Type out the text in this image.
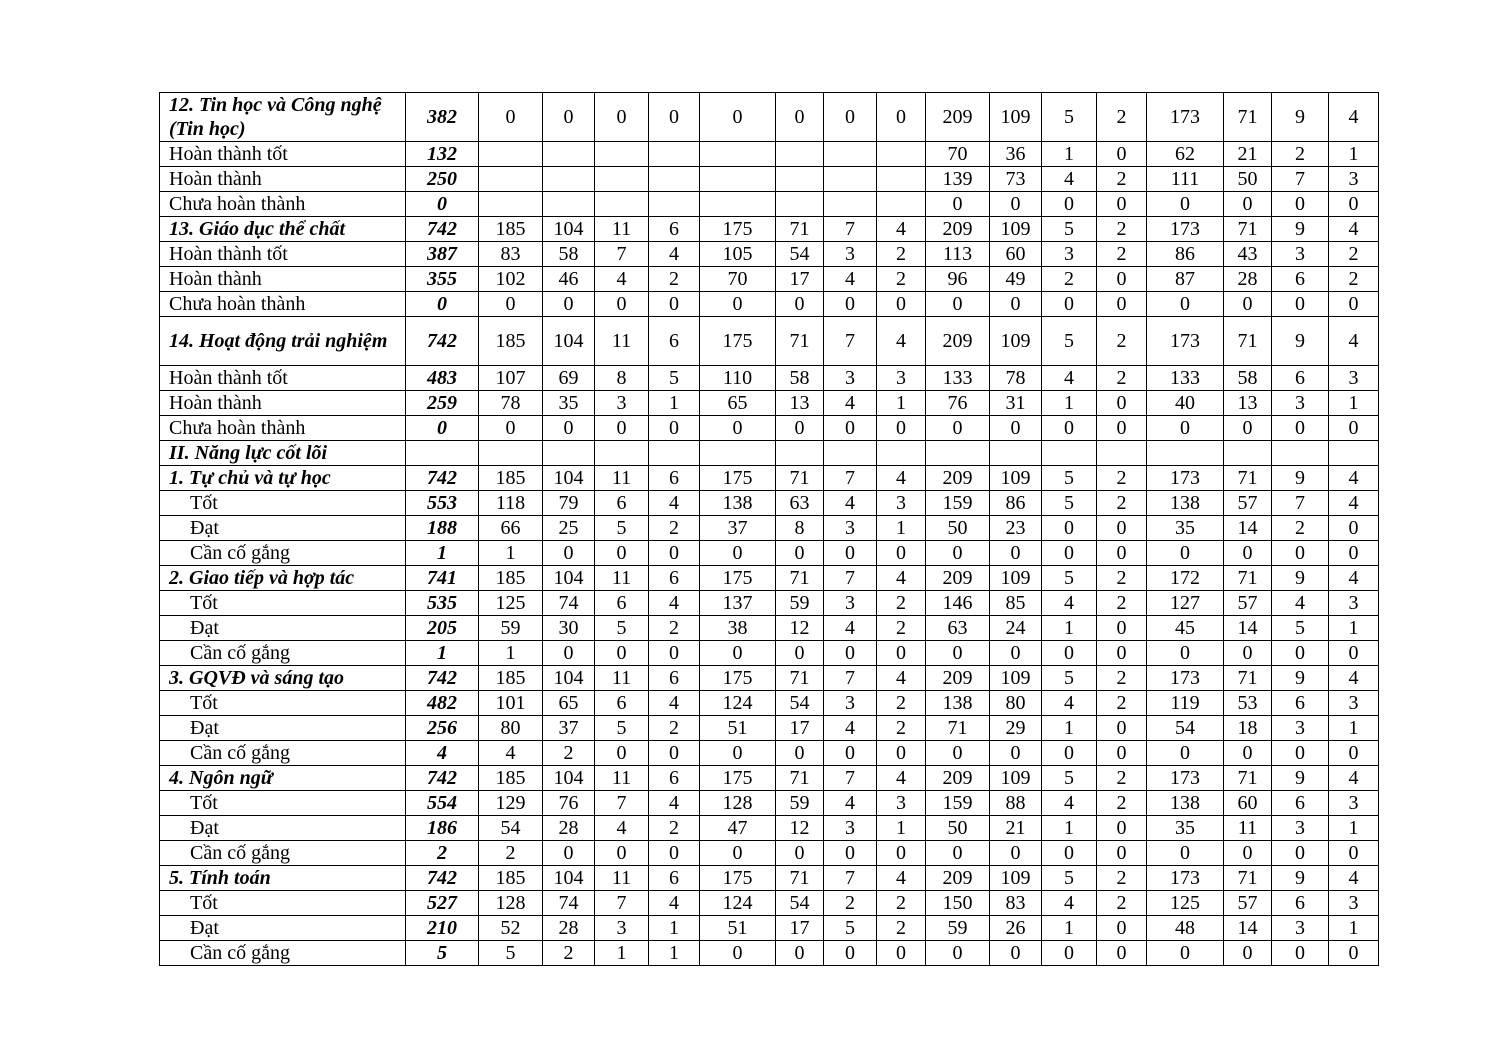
12. Tin học và Công nghệ (Tin học)	382	0	0	0	0	0	0	0	0	209	109	5	2	173	71	9	4
Hoàn thành tốt	132									70	36	1	0	62	21	2	1
Hoàn thành	250									139	73	4	2	111	50	7	3
Chưa hoàn thành	0									0	0	0	0	0	0	0	0
13. Giáo dục thể chất	742	185	104	11	6	175	71	7	4	209	109	5	2	173	71	9	4
Hoàn thành tốt	387	83	58	7	4	105	54	3	2	113	60	3	2	86	43	3	2
Hoàn thành	355	102	46	4	2	70	17	4	2	96	49	2	0	87	28	6	2
Chưa hoàn thành	0	0	0	0	0	0	0	0	0	0	0	0	0	0	0	0	0
14. Hoạt động trải nghiệm	742	185	104	11	6	175	71	7	4	209	109	5	2	173	71	9	4
Hoàn thành tốt	483	107	69	8	5	110	58	3	3	133	78	4	2	133	58	6	3
Hoàn thành	259	78	35	3	1	65	13	4	1	76	31	1	0	40	13	3	1
Chưa hoàn thành	0	0	0	0	0	0	0	0	0	0	0	0	0	0	0	0	0
II. Năng lực cốt lõi																	
1. Tự chủ và tự học	742	185	104	11	6	175	71	7	4	209	109	5	2	173	71	9	4
Tốt	553	118	79	6	4	138	63	4	3	159	86	5	2	138	57	7	4
Đạt	188	66	25	5	2	37	8	3	1	50	23	0	0	35	14	2	0
Cần cố gắng	1	1	0	0	0	0	0	0	0	0	0	0	0	0	0	0	0
2. Giao tiếp và hợp tác	741	185	104	11	6	175	71	7	4	209	109	5	2	172	71	9	4
Tốt	535	125	74	6	4	137	59	3	2	146	85	4	2	127	57	4	3
Đạt	205	59	30	5	2	38	12	4	2	63	24	1	0	45	14	5	1
Cần cố gắng	1	1	0	0	0	0	0	0	0	0	0	0	0	0	0	0	0
3. GQVĐ và sáng tạo	742	185	104	11	6	175	71	7	4	209	109	5	2	173	71	9	4
Tốt	482	101	65	6	4	124	54	3	2	138	80	4	2	119	53	6	3
Đạt	256	80	37	5	2	51	17	4	2	71	29	1	0	54	18	3	1
Cần cố gắng	4	4	2	0	0	0	0	0	0	0	0	0	0	0	0	0	0
4. Ngôn ngữ	742	185	104	11	6	175	71	7	4	209	109	5	2	173	71	9	4
Tốt	554	129	76	7	4	128	59	4	3	159	88	4	2	138	60	6	3
Đạt	186	54	28	4	2	47	12	3	1	50	21	1	0	35	11	3	1
Cần cố gắng	2	2	0	0	0	0	0	0	0	0	0	0	0	0	0	0	0
5. Tính toán	742	185	104	11	6	175	71	7	4	209	109	5	2	173	71	9	4
Tốt	527	128	74	7	4	124	54	2	2	150	83	4	2	125	57	6	3
Đạt	210	52	28	3	1	51	17	5	2	59	26	1	0	48	14	3	1
Cần cố gắng	5	5	2	1	1	0	0	0	0	0	0	0	0	0	0	0	0
